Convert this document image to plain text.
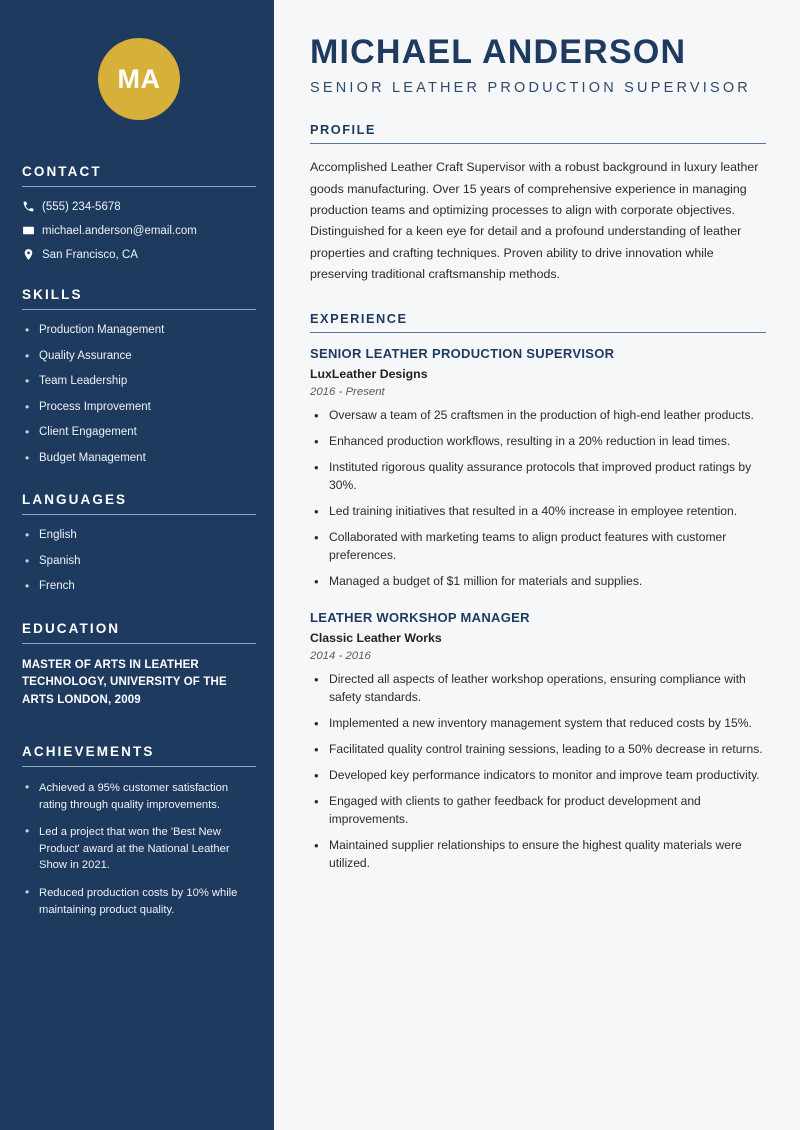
MA
CONTACT
(555) 234-5678
michael.anderson@email.com
San Francisco, CA
SKILLS
• Production Management
• Quality Assurance
• Team Leadership
• Process Improvement
• Client Engagement
• Budget Management
LANGUAGES
• English
• Spanish
• French
EDUCATION
MASTER OF ARTS IN LEATHER TECHNOLOGY, UNIVERSITY OF THE ARTS LONDON, 2009
ACHIEVEMENTS
• Achieved a 95% customer satisfaction rating through quality improvements.
• Led a project that won the 'Best New Product' award at the National Leather Show in 2021.
• Reduced production costs by 10% while maintaining product quality.
MICHAEL ANDERSON
SENIOR LEATHER PRODUCTION SUPERVISOR
PROFILE

Accomplished Leather Craft Supervisor with a robust background in luxury leather goods manufacturing. Over 15 years of comprehensive experience in managing production teams and optimizing processes to align with corporate objectives. Distinguished for a keen eye for detail and a profound understanding of leather properties and crafting techniques. Proven ability to drive innovation while preserving traditional craftsmanship methods.

EXPERIENCE
SENIOR LEATHER PRODUCTION SUPERVISOR
LuxLeather Designs
2016 - Present
• Oversaw a team of 25 craftsmen in the production of high-end leather products.
• Enhanced production workflows, resulting in a 20% reduction in lead times.
• Instituted rigorous quality assurance protocols that improved product ratings by 30%.
• Led training initiatives that resulted in a 40% increase in employee retention.
• Collaborated with marketing teams to align product features with customer preferences.
• Managed a budget of $1 million for materials and supplies.
LEATHER WORKSHOP MANAGER
Classic Leather Works
2014 - 2016
• Directed all aspects of leather workshop operations, ensuring compliance with safety standards.
• Implemented a new inventory management system that reduced costs by 15%.
• Facilitated quality control training sessions, leading to a 50% decrease in returns.
• Developed key performance indicators to monitor and improve team productivity.
• Engaged with clients to gather feedback for product development and improvements.
• Maintained supplier relationships to ensure the highest quality materials were utilized.
